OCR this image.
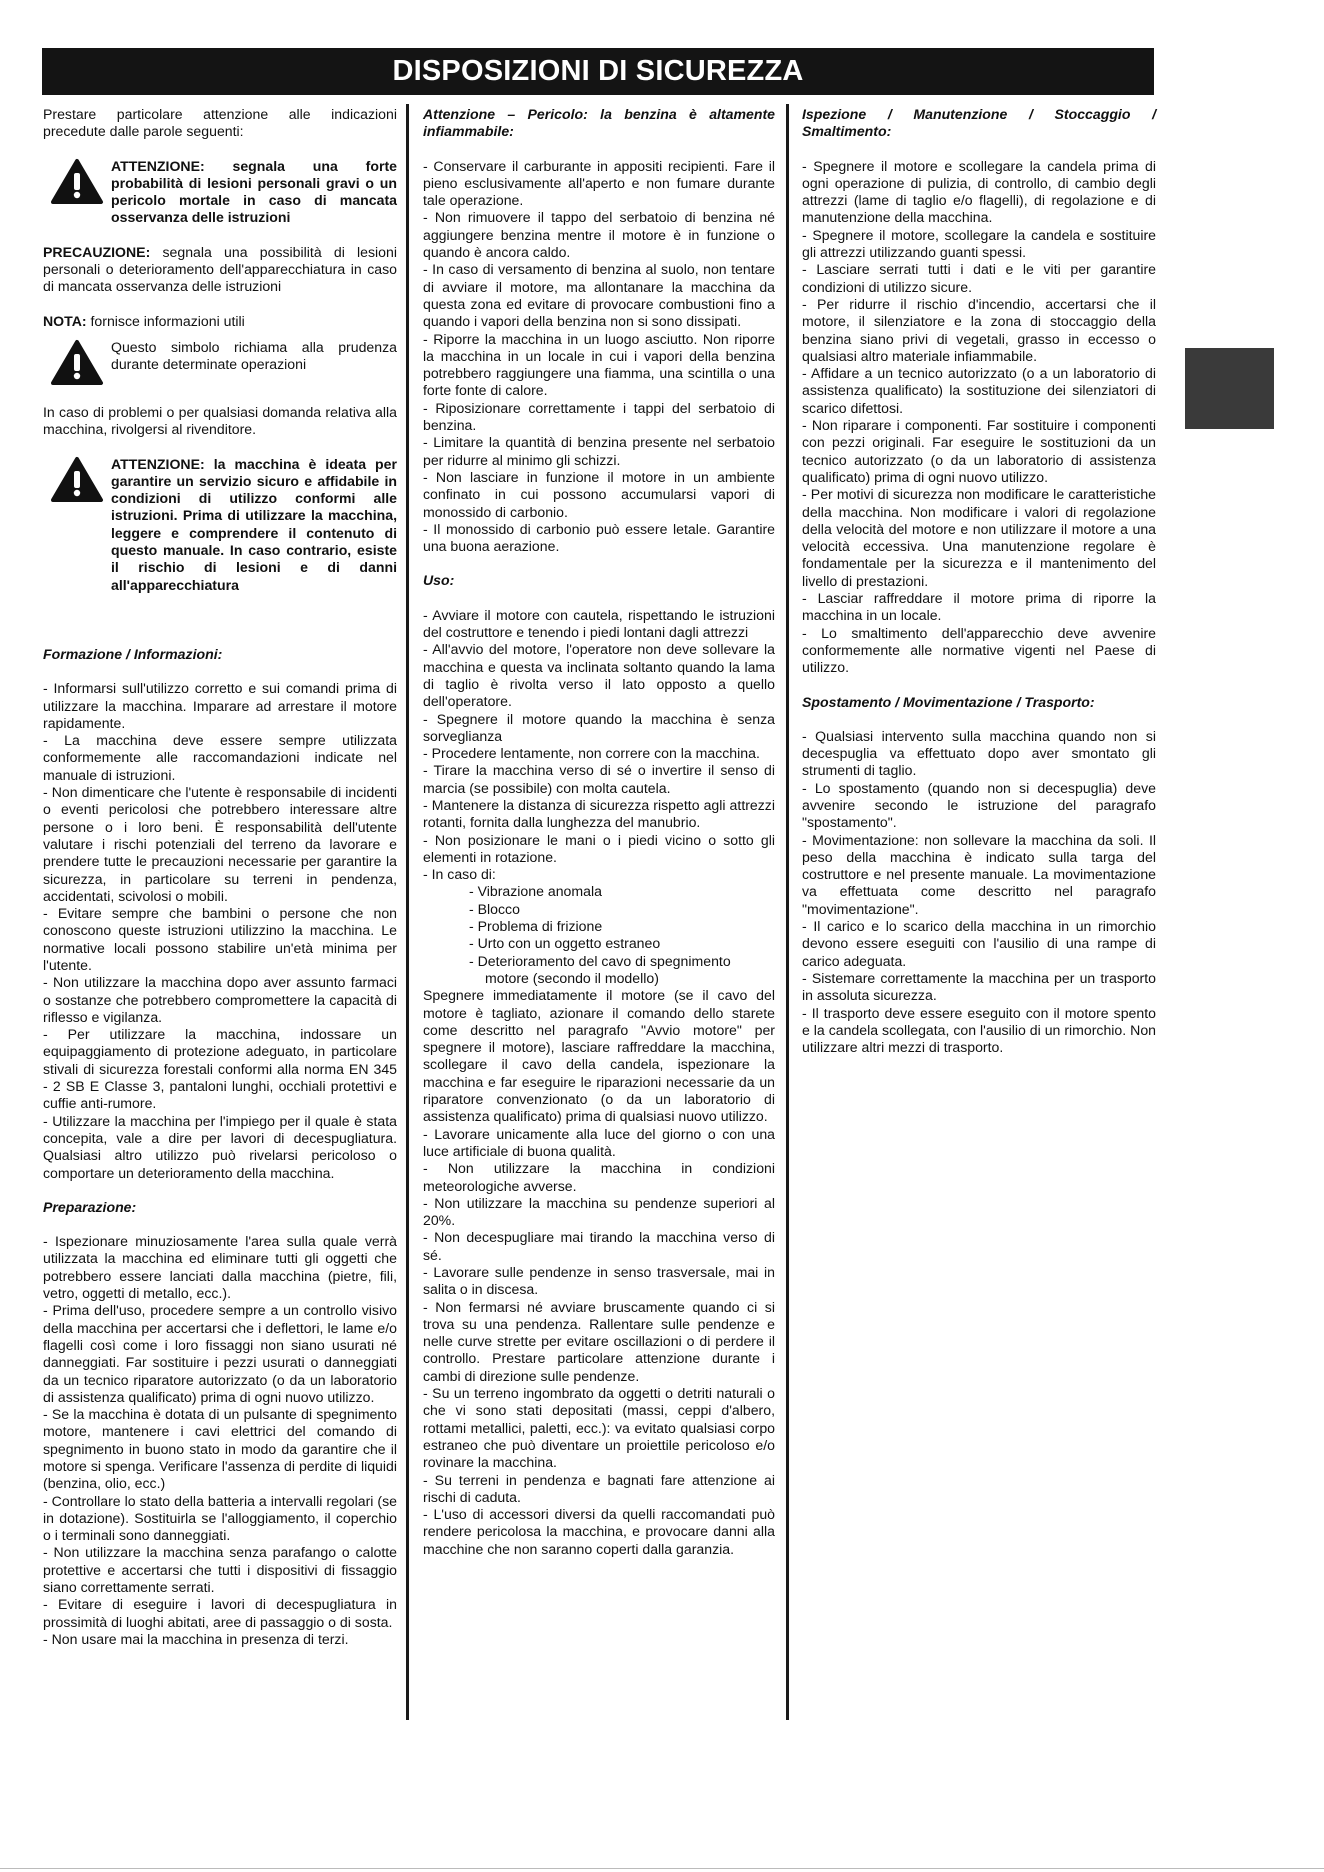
DISPOSIZIONI DI SICUREZZA

Prestare particolare attenzione alle indicazioni precedute dalle parole seguenti:

ATTENZIONE: segnala una forte probabilità di lesioni personali gravi o un pericolo mortale in caso di mancata osservanza delle istruzioni

PRECAUZIONE: segnala una possibilità di lesioni personali o deterioramento dell'apparecchiatura in caso di mancata osservanza delle istruzioni

NOTA: fornisce informazioni utili

Questo simbolo richiama alla prudenza durante determinate operazioni

In caso di problemi o per qualsiasi domanda relativa alla macchina, rivolgersi al rivenditore.

ATTENZIONE: la macchina è ideata per garantire un servizio sicuro e affidabile in condizioni di utilizzo conformi alle istruzioni. Prima di utilizzare la macchina, leggere e comprendere il contenuto di questo manuale. In caso contrario, esiste il rischio di lesioni e di danni all'apparecchiatura

Formazione / Informazioni:

- Informarsi sull'utilizzo corretto e sui comandi prima di utilizzare la macchina. Imparare ad arrestare il motore rapidamente.

- La macchina deve essere sempre utilizzata conformemente alle raccomandazioni indicate nel manuale di istruzioni.

- Non dimenticare che l'utente è responsabile di incidenti o eventi pericolosi che potrebbero interessare altre persone o i loro beni. È responsabilità dell'utente valutare i rischi potenziali del terreno da lavorare e prendere tutte le precauzioni necessarie per garantire la sicurezza, in particolare su terreni in pendenza, accidentati, scivolosi o mobili.

- Evitare sempre che bambini o persone che non conoscono queste istruzioni utilizzino la macchina. Le normative locali possono stabilire un'età minima per l'utente.

- Non utilizzare la macchina dopo aver assunto farmaci o sostanze che potrebbero compromettere la capacità di riflesso e vigilanza.

- Per utilizzare la macchina, indossare un equipaggiamento di protezione adeguato, in particolare stivali di sicurezza forestali conformi alla norma EN 345 - 2 SB E Classe 3, pantaloni lunghi, occhiali protettivi e cuffie anti-rumore.

- Utilizzare la macchina per l'impiego per il quale è stata concepita, vale a dire per lavori di decespugliatura. Qualsiasi altro utilizzo può rivelarsi pericoloso o comportare un deterioramento della macchina.

Preparazione:

- Ispezionare minuziosamente l'area sulla quale verrà utilizzata la macchina ed eliminare tutti gli oggetti che potrebbero essere lanciati dalla macchina (pietre, fili, vetro, oggetti di metallo, ecc.).

- Prima dell'uso, procedere sempre a un controllo visivo della macchina per accertarsi che i deflettori, le lame e/o flagelli così come i loro fissaggi non siano usurati né danneggiati. Far sostituire i pezzi usurati o danneggiati da un tecnico riparatore autorizzato (o da un laboratorio di assistenza qualificato) prima di ogni nuovo utilizzo.

- Se la macchina è dotata di un pulsante di spegnimento motore, mantenere i cavi elettrici del comando di spegnimento in buono stato in modo da garantire che il motore si spenga. Verificare l'assenza di perdite di liquidi (benzina, olio, ecc.)

- Controllare lo stato della batteria a intervalli regolari (se in dotazione). Sostituirla se l'alloggiamento, il coperchio o i terminali sono danneggiati.

- Non utilizzare la macchina senza parafango o calotte protettive e accertarsi che tutti i dispositivi di fissaggio siano correttamente serrati.

- Evitare di eseguire i lavori di decespugliatura in prossimità di luoghi abitati, aree di passaggio o di sosta.

- Non usare mai la macchina in presenza di terzi.

Attenzione – Pericolo: la benzina è altamente infiammabile:

- Conservare il carburante in appositi recipienti. Fare il pieno esclusivamente all'aperto e non fumare durante tale operazione.

- Non rimuovere il tappo del serbatoio di benzina né aggiungere benzina mentre il motore è in funzione o quando è ancora caldo.

- In caso di versamento di benzina al suolo, non tentare di avviare il motore, ma allontanare la macchina da questa zona ed evitare di provocare combustioni fino a quando i vapori della benzina non si sono dissipati.

- Riporre la macchina in un luogo asciutto. Non riporre la macchina in un locale in cui i vapori della benzina potrebbero raggiungere una fiamma, una scintilla o una forte fonte di calore.

- Riposizionare correttamente i tappi del serbatoio di benzina.

- Limitare la quantità di benzina presente nel serbatoio per ridurre al minimo gli schizzi.

- Non lasciare in funzione il motore in un ambiente confinato in cui possono accumularsi vapori di monossido di carbonio.

- Il monossido di carbonio può essere letale. Garantire una buona aerazione.

Uso:

- Avviare il motore con cautela, rispettando le istruzioni del costruttore e tenendo i piedi lontani dagli attrezzi

- All'avvio del motore, l'operatore non deve sollevare la macchina e questa va inclinata soltanto quando la lama di taglio è rivolta verso il lato opposto a quello dell'operatore.

- Spegnere il motore quando la macchina è senza sorveglianza

- Procedere lentamente, non correre con la macchina.

- Tirare la macchina verso di sé o invertire il senso di marcia (se possibile) con molta cautela.

- Mantenere la distanza di sicurezza rispetto agli attrezzi rotanti, fornita dalla lunghezza del manubrio.

- Non posizionare le mani o i piedi vicino o sotto gli elementi in rotazione.

- In caso di:

- Vibrazione anomala

- Blocco

- Problema di frizione

- Urto con un oggetto estraneo

- Deterioramento del cavo di spegnimento
motore (secondo il modello)

Spegnere immediatamente il motore (se il cavo del motore è tagliato, azionare il comando dello starete come descritto nel paragrafo "Avvio motore" per spegnere il motore), lasciare raffreddare la macchina, scollegare il cavo della candela, ispezionare la macchina e far eseguire le riparazioni necessarie da un riparatore convenzionato (o da un laboratorio di assistenza qualificato) prima di qualsiasi nuovo utilizzo.

- Lavorare unicamente alla luce del giorno o con una luce artificiale di buona qualità.

- Non utilizzare la macchina in condizioni meteorologiche avverse.

- Non utilizzare la macchina su pendenze superiori al 20%.

- Non decespugliare mai tirando la macchina verso di sé.

- Lavorare sulle pendenze in senso trasversale, mai in salita o in discesa.

- Non fermarsi né avviare bruscamente quando ci si trova su una pendenza. Rallentare sulle pendenze e nelle curve strette per evitare oscillazioni o di perdere il controllo. Prestare particolare attenzione durante i cambi di direzione sulle pendenze.

- Su un terreno ingombrato da oggetti o detriti naturali o che vi sono stati depositati (massi, ceppi d'albero, rottami metallici, paletti, ecc.): va evitato qualsiasi corpo estraneo che può diventare un proiettile pericoloso e/o rovinare la macchina.

- Su terreni in pendenza e bagnati fare attenzione ai rischi di caduta.

- L'uso di accessori diversi da quelli raccomandati può rendere pericolosa la macchina, e provocare danni alla macchine che non saranno coperti dalla garanzia.

Ispezione / Manutenzione / Stoccaggio / Smaltimento:

- Spegnere il motore e scollegare la candela prima di ogni operazione di pulizia, di controllo, di cambio degli attrezzi (lame di taglio e/o flagelli), di regolazione e di manutenzione della macchina.

- Spegnere il motore, scollegare la candela e sostituire gli attrezzi utilizzando guanti spessi.

- Lasciare serrati tutti i dati e le viti per garantire condizioni di utilizzo sicure.

- Per ridurre il rischio d'incendio, accertarsi che il motore, il silenziatore e la zona di stoccaggio della benzina siano privi di vegetali, grasso in eccesso o qualsiasi altro materiale infiammabile.

- Affidare a un tecnico autorizzato (o a un laboratorio di assistenza qualificato) la sostituzione dei silenziatori di scarico difettosi.

- Non riparare i componenti. Far sostituire i componenti con pezzi originali. Far eseguire le sostituzioni da un tecnico autorizzato (o da un laboratorio di assistenza qualificato) prima di ogni nuovo utilizzo.

- Per motivi di sicurezza non modificare le caratteristiche della macchina. Non modificare i valori di regolazione della velocità del motore e non utilizzare il motore a una velocità eccessiva. Una manutenzione regolare è fondamentale per la sicurezza e il mantenimento del livello di prestazioni.

- Lasciar raffreddare il motore prima di riporre la macchina in un locale.

- Lo smaltimento dell'apparecchio deve avvenire conformemente alle normative vigenti nel Paese di utilizzo.

Spostamento / Movimentazione / Trasporto:

- Qualsiasi intervento sulla macchina quando non si decespuglia va effettuato dopo aver smontato gli strumenti di taglio.

- Lo spostamento (quando non si decespuglia) deve avvenire secondo le istruzione del paragrafo "spostamento".

- Movimentazione: non sollevare la macchina da soli. Il peso della macchina è indicato sulla targa del costruttore e nel presente manuale. La movimentazione va effettuata come descritto nel paragrafo "movimentazione".

- Il carico e lo scarico della macchina in un rimorchio devono essere eseguiti con l'ausilio di una rampe di carico adeguata.

- Sistemare correttamente la macchina per un trasporto in assoluta sicurezza.

- Il trasporto deve essere eseguito con il motore spento e la candela scollegata, con l'ausilio di un rimorchio. Non utilizzare altri mezzi di trasporto.
